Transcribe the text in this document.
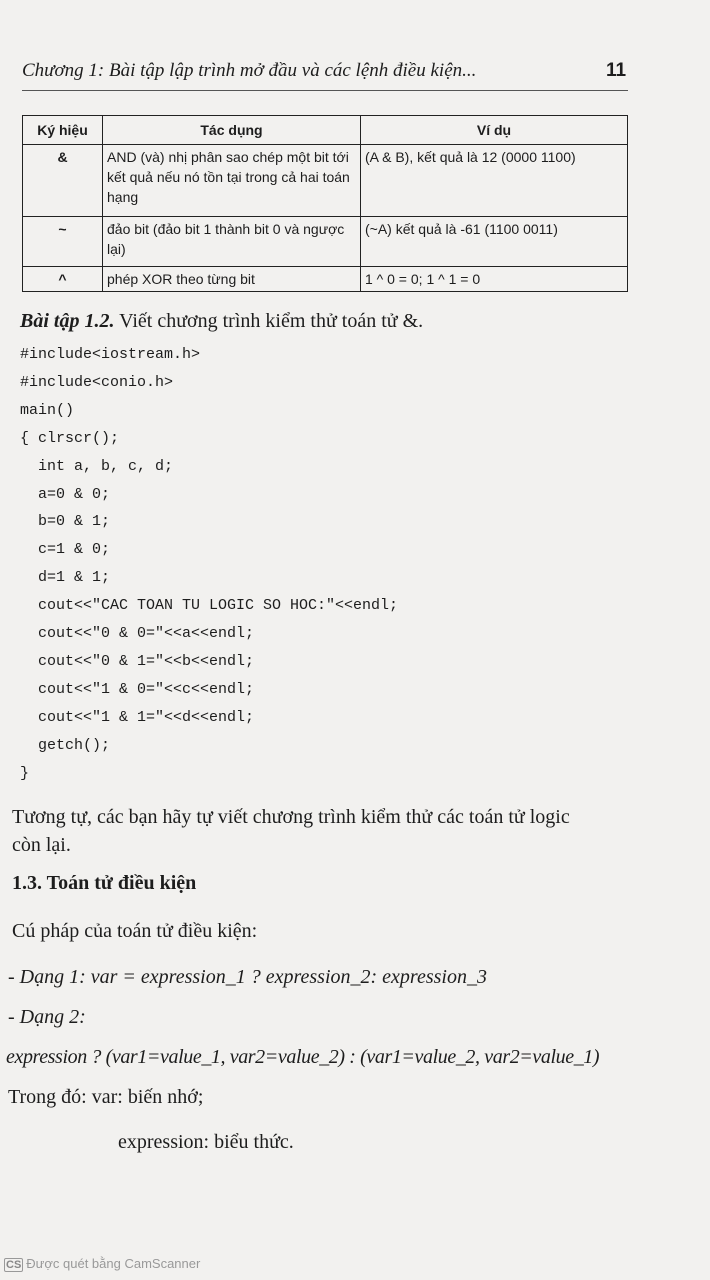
Chương 1: Bài tập lập trình mở đầu và các lệnh điều kiện...	11
Ký hiệu	Tác dụng	Ví dụ
&	AND (và) nhị phân sao chép một bit tới kết quả nếu nó tồn tại trong cả hai toán hạng	(A & B), kết quả là 12 (0000 1100)
~	đảo bit (đảo bit 1 thành bit 0 và ngược lại)	(~A) kết quả là -61 (1100 0011)
^	phép XOR theo từng bit	1 ^ 0 = 0; 1 ^ 1 = 0
Bài tập 1.2. Viết chương trình kiểm thử toán tử &.
#include<iostream.h>
#include<conio.h>
main()
{ clrscr();
int a, b, c, d;
a=0 & 0;
b=0 & 1;
c=1 & 0;
d=1 & 1;
cout<<"CAC TOAN TU LOGIC SO HOC:"<<endl;
cout<<"0 & 0="<<a<<endl;
cout<<"0 & 1="<<b<<endl;
cout<<"1 & 0="<<c<<endl;
cout<<"1 & 1="<<d<<endl;
getch();
}
Tương tự, các bạn hãy tự viết chương trình kiểm thử các toán tử logic
còn lại.
1.3. Toán tử điều kiện
Cú pháp của toán tử điều kiện:
- Dạng 1: var = expression_1 ? expression_2: expression_3
- Dạng 2:
expression ? (var1=value_1, var2=value_2) : (var1=value_2, var2=value_1)
Trong đó: var: biến nhớ;
expression: biểu thức.
CS Được quét bằng CamScanner
